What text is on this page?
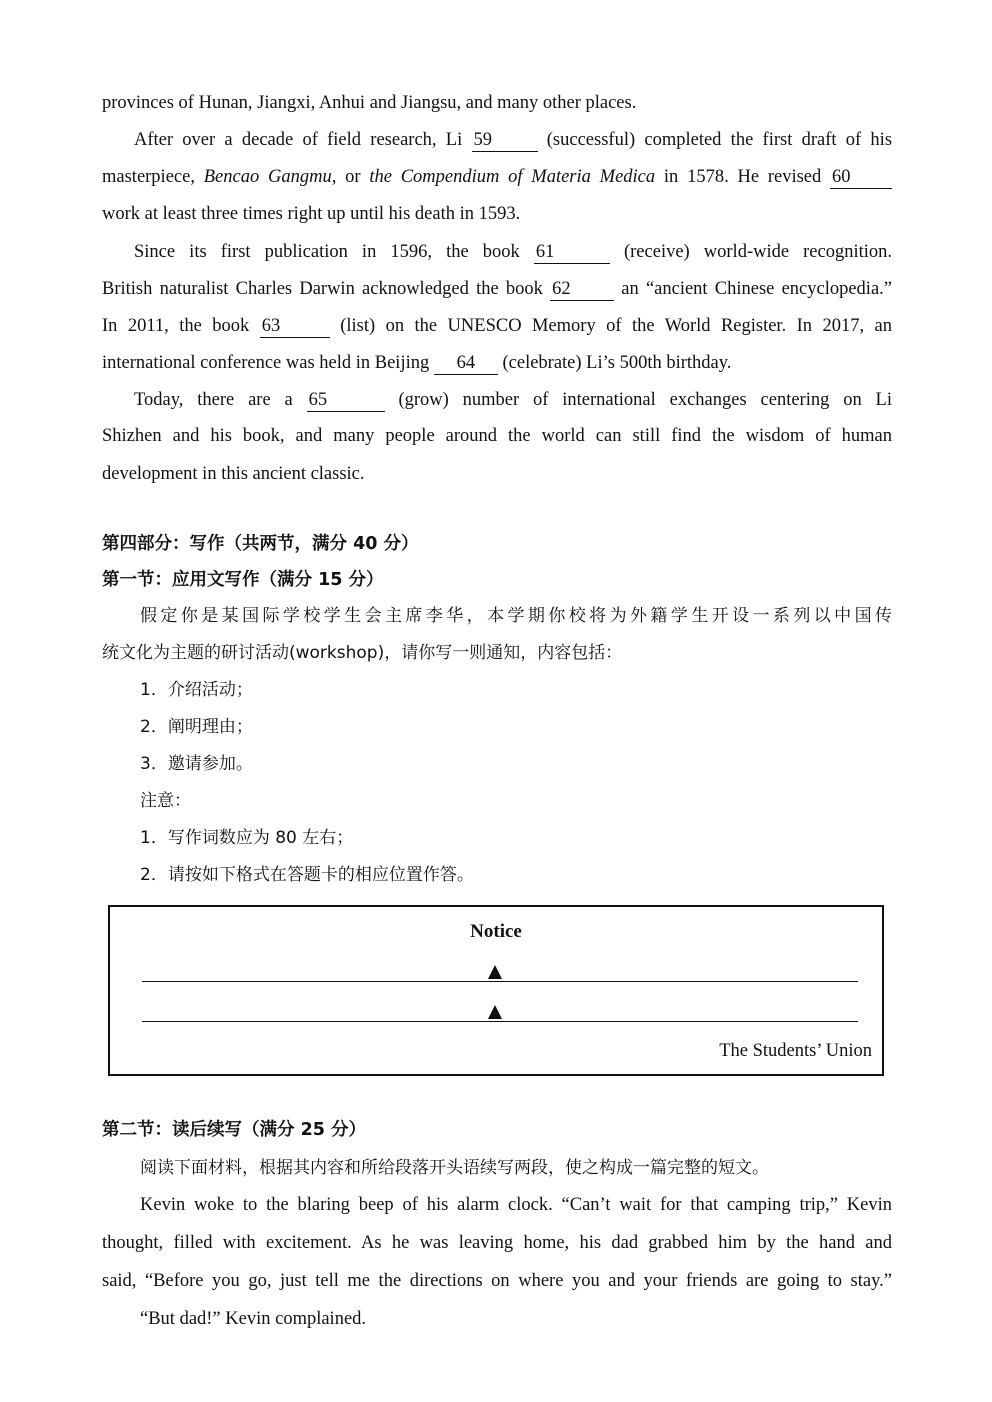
provinces of Hunan, Jiangxi, Anhui and Jiangsu, and many other places.
After over a decade of field research, Li 59	(successful) completed the first draft of his
masterpiece, Bencao Gangmu, or the Compendium of Materia Medica in 1578. He revised 60
work at least three times right up until his death in 1593.
Since its first publication in 1596, the book 61	(receive) world-wide recognition.
British naturalist Charles Darwin acknowledged the book 62	an “ancient Chinese encyclopedia.”
In 2011, the book 63	(list) on the UNESCO Memory of the World Register. In 2017, an
international conference was held in Beijing 64 (celebrate) Li’s 500th birthday.
Today, there are a 65	(grow) number of international exchanges centering on Li
Shizhen and his book, and many people around the world can still find the wisdom of human
development in this ancient classic.
第四部分：写作（共两节，满分 40 分）
第一节：应用文写作（满分 15 分）
假定你是某国际学校学生会主席李华，本学期你校将为外籍学生开设一系列以中国传
统文化为主题的研讨活动(workshop)，请你写一则通知，内容包括：
1．介绍活动；
2．阐明理由；
3．邀请参加。
注意：
1．写作词数应为 80 左右；
2．请按如下格式在答题卡的相应位置作答。
Notice
The Students’ Union
第二节：读后续写（满分 25 分）
阅读下面材料，根据其内容和所给段落开头语续写两段，使之构成一篇完整的短文。
Kevin woke to the blaring beep of his alarm clock. “Can’t wait for that camping trip,” Kevin
thought, filled with excitement. As he was leaving home, his dad grabbed him by the hand and
said, “Before you go, just tell me the directions on where you and your friends are going to stay.”
“But dad!” Kevin complained.
